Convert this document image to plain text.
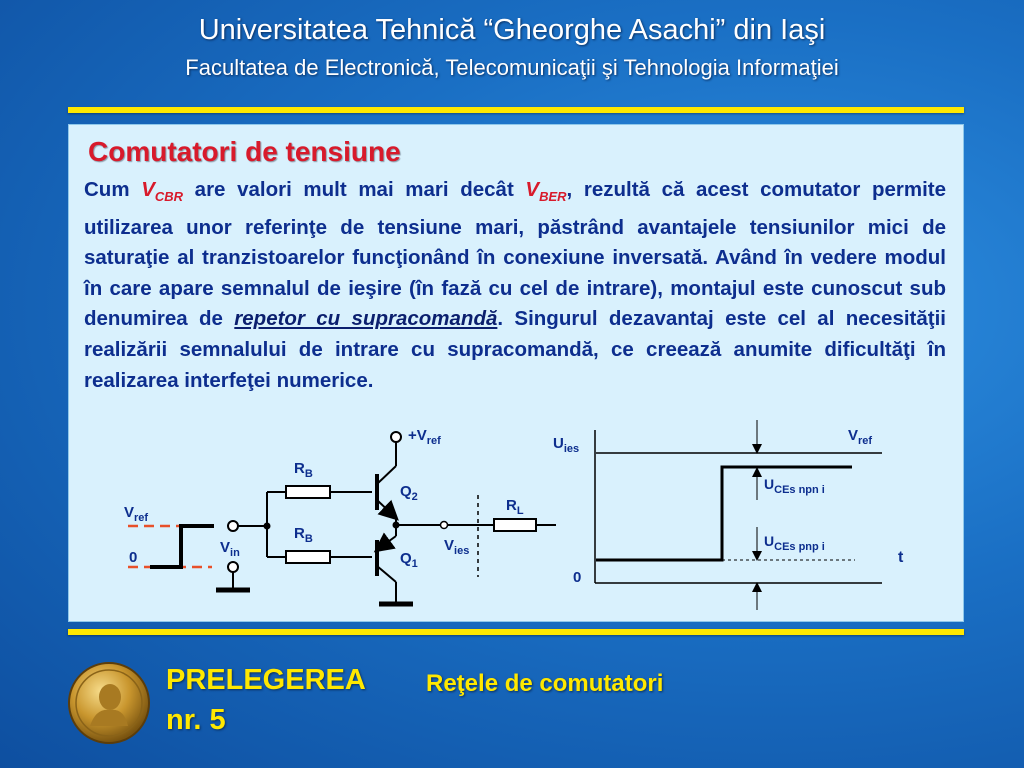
Universitatea Tehnică “Gheorghe Asachi” din Iaşi
Facultatea de Electronică, Telecomunicaţii şi Tehnologia Informaţiei
Comutatori de tensiune

Cum $V_{CBR}$ are valori mult mai mari decât $V_{BER}$, rezultă că acest comutator permite utilizarea unor referinţe de tensiune mari, păstrând avantajele tensiunilor mici de saturaţie al tranzistoarelor funcţionând în conexiune inversată. Având în vedere modul în care apare semnalul de ieşire (în fază cu cel de intrare), montajul este cunoscut sub denumirea de repetor cu supracomandă. Singurul dezavantaj este cel al necesităţii realizării semnalului de intrare cu supracomandă, ce creează anumite dificultăţi în realizarea interfeţei numerice.

$V_{ref}$
0
$V_{in}$
$R_B$
$R_B$
$Q_2$
$Q_1$
$+V_{ref}$
$R_L$
$V_{ies}$
$U_{ies}$
t
0
$V_{ref}$
$U_{CEs npn i}$
$U_{CEs pnp i}$
PRELEGEREA
nr. 5
Reţele de comutatori
